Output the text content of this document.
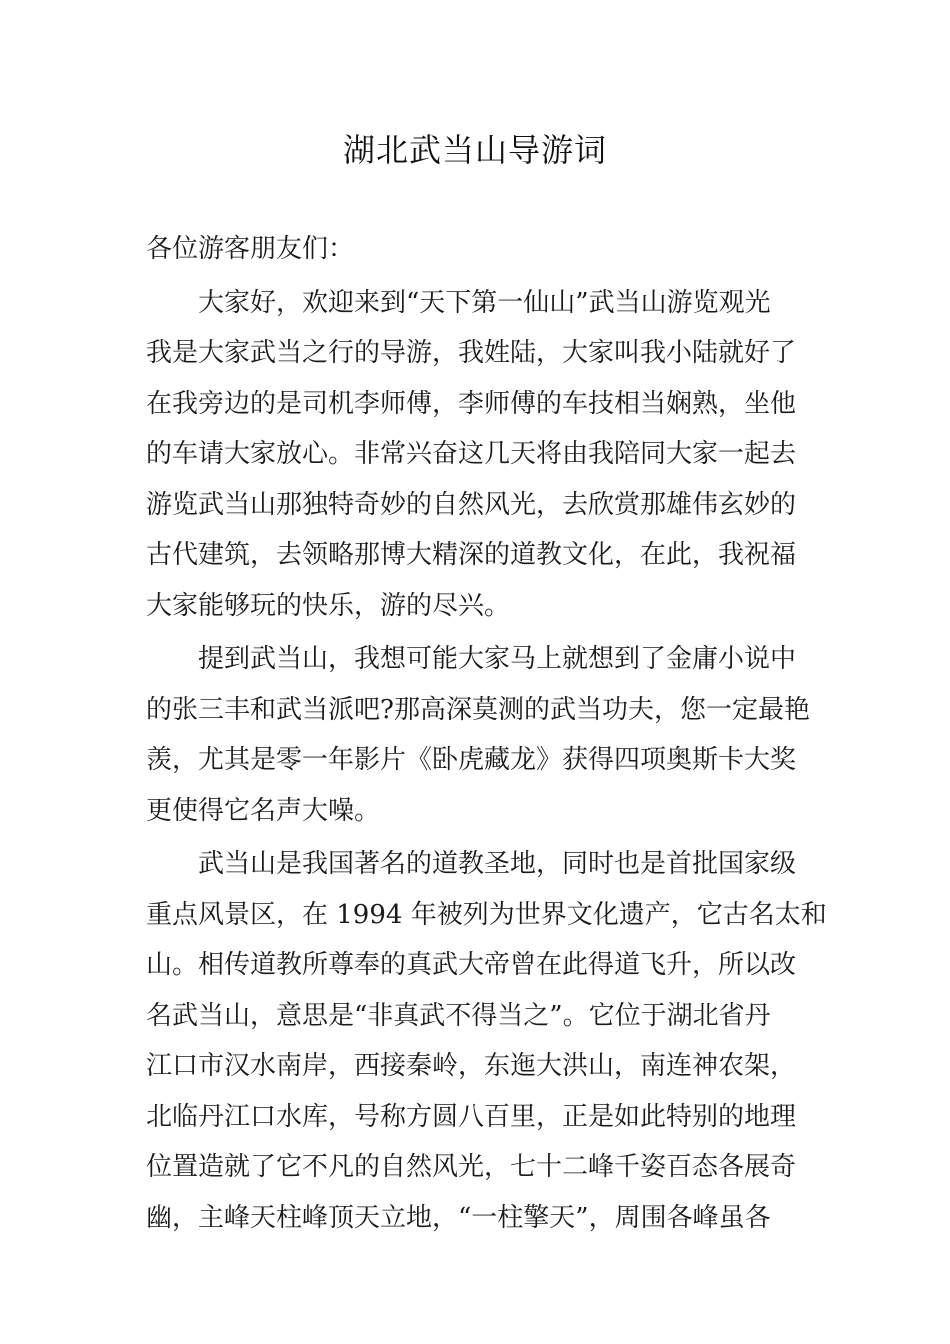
湖北武当山导游词
各位游客朋友们：
大家好，欢迎来到“天下第一仙山”武当山游览观光
我是大家武当之行的导游，我姓陆，大家叫我小陆就好了
在我旁边的是司机李师傅，李师傅的车技相当娴熟，坐他
的车请大家放心。非常兴奋这几天将由我陪同大家一起去
游览武当山那独特奇妙的自然风光，去欣赏那雄伟玄妙的
古代建筑，去领略那博大精深的道教文化，在此，我祝福
大家能够玩的快乐，游的尽兴。
提到武当山，我想可能大家马上就想到了金庸小说中
的张三丰和武当派吧?那高深莫测的武当功夫，您一定最艳
羡，尤其是零一年影片《卧虎藏龙》获得四项奥斯卡大奖
更使得它名声大噪。
武当山是我国著名的道教圣地，同时也是首批国家级
重点风景区，在 1994 年被列为世界文化遗产，它古名太和
山。相传道教所尊奉的真武大帝曾在此得道飞升，所以改
名武当山，意思是“非真武不得当之”。它位于湖北省丹
江口市汉水南岸，西接秦岭，东迤大洪山，南连神农架，
北临丹江口水库，号称方圆八百里，正是如此特别的地理
位置造就了它不凡的自然风光，七十二峰千姿百态各展奇
幽，主峰天柱峰顶天立地，“一柱擎天”，周围各峰虽各
